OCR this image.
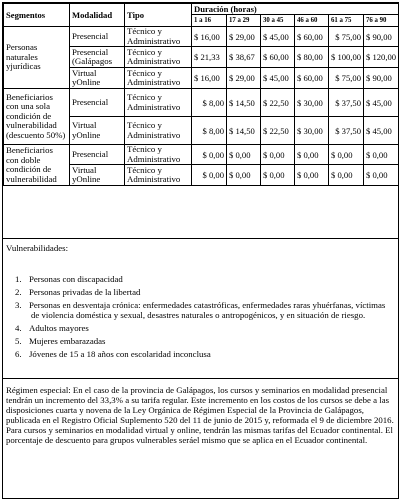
Segmentos	Modalidad	Tipo	Duración (horas)					
			1 a 16	17 a 29	30 a 45	46 a 60	61 a 75	76 a 90
Personas naturales yjurídicas	Presencial	Técnico y Administrativo	$ 16,00	$ 29,00	$ 45,00	$ 60,00	$ 75,00	$ 90,00
	Presencial (Galápagos	Técnico y Administrativo	$ 21,33	$ 38,67	$ 60,00	$ 80,00	$ 100,00	$ 120,00
	Virtual yOnline	Técnico y Administrativo	$ 16,00	$ 29,00	$ 45,00	$ 60,00	$ 75,00	$ 90,00
Beneficiarios con una sola condición de vulnerabilidad (descuento 50%)	Presencial	Técnico y Administrativo	$ 8,00	$ 14,50	$ 22,50	$ 30,00	$ 37,50	$ 45,00
	Virtual yOnline	Técnico y Administrativo	$ 8,00	$ 14,50	$ 22,50	$ 30,00	$ 37,50	$ 45,00
Beneficiarios con doble condición de vulnerabilidad	Presencial	Técnico y Administrativo	$ 0,00	$ 0,00	$ 0,00	$ 0,00	$ 0,00	$ 0,00
	Virtual yOnline	Técnico y Administrativo	$ 0,00	$ 0,00	$ 0,00	$ 0,00	$ 0,00	$ 0,00
Vulnerabilidades:
1. Personas con discapacidad
2. Personas privadas de la libertad
3. Personas en desventaja crónica: enfermedades catastróficas, enfermedades raras yhuérfanas, víctimas de violencia doméstica y sexual, desastres naturales o antropogénicos, y en situación de riesgo.
4. Adultos mayores
5. Mujeres embarazadas
6. Jóvenes de 15 a 18 años con escolaridad inconclusa
Régimen especial: En el caso de la provincia de Galápagos, los cursos y seminarios en modalidad presencial tendrán un incremento del 33,3% a su tarifa regular. Este incremento en los costos de los cursos se debe a las disposiciones cuarta y novena de la Ley Orgánica de Régimen Especial de la Provincia de Galápagos, publicada en el Registro Oficial Suplemento 520 del 11 de junio de 2015 y, reformada el 9 de diciembre 2016. Para cursos y seminarios en modalidad virtual y online, tendrán las mismas tarifas del Ecuador continental. El porcentaje de descuento para grupos vulnerables seráel mismo que se aplica en el Ecuador continental.
